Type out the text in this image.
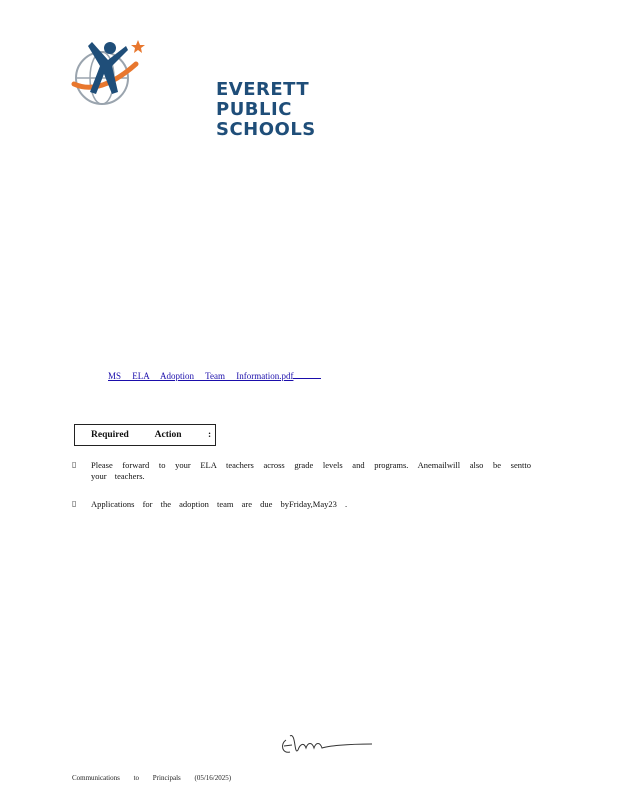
EVERETT
PUBLIC
SCHOOLS
MS ELA Adoption Team Information.pdf
Required Action :
▯ Please forward to your ELA teachers across grade levels and programs. Anemailwill also be sentto your teachers.
▯ Applications for the adoption team are due byFriday,May23 .
Communications to Principals (05/16/2025)
